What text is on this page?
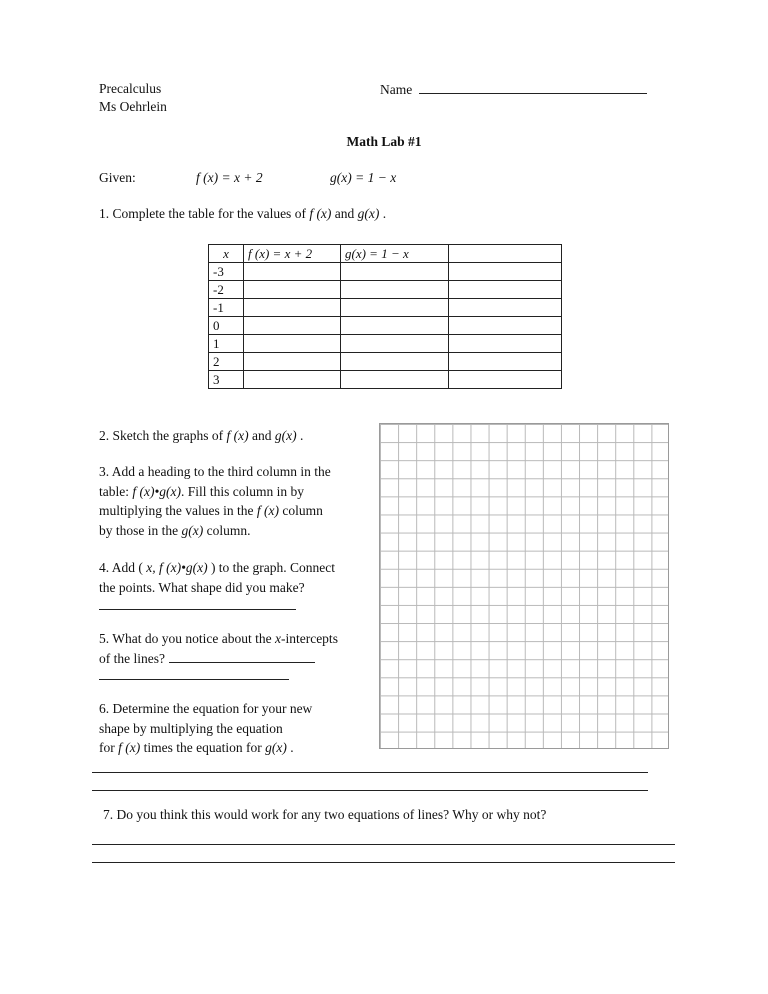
Precalculus
Ms Oehrlein
Name
Math Lab #1
Given:	f (x) = x + 2	g(x) = 1 − x
1. Complete the table for the values of f (x) and g(x) .
x	f (x) = x + 2	g(x) = 1 − x	
-3			
-2			
-1			
0			
1			
2			
3			
2. Sketch the graphs of f (x) and g(x) .
3. Add a heading to the third column in the
table: f (x)•g(x). Fill this column in by
multiplying the values in the f (x) column
by those in the g(x) column.
4. Add ( x, f (x)•g(x) ) to the graph. Connect
the points. What shape did you make?
5. What do you notice about the x-intercepts
of the lines?
6. Determine the equation for your new
shape by multiplying the equation
for f (x) times the equation for g(x) .
7. Do you think this would work for any two equations of lines? Why or why not?
